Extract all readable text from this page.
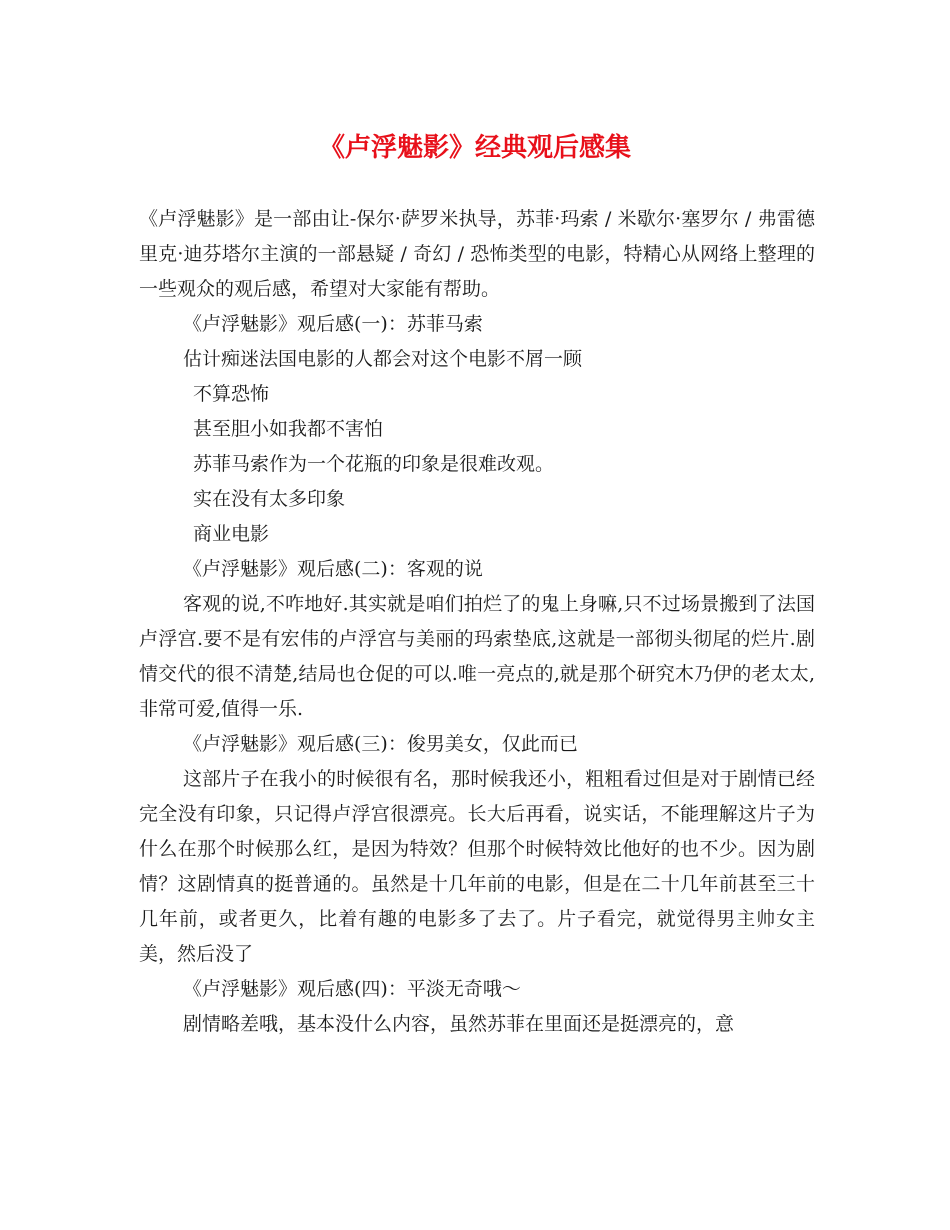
《卢浮魅影》经典观后感集

《卢浮魅影》是一部由让-保尔·萨罗米执导，苏菲·玛索 / 米歇尔·塞罗尔 / 弗雷德里克·迪芬塔尔主演的一部悬疑 / 奇幻 / 恐怖类型的电影，特精心从网络上整理的一些观众的观后感，希望对大家能有帮助。

《卢浮魅影》观后感(一)：苏菲马索

估计痴迷法国电影的人都会对这个电影不屑一顾

不算恐怖

甚至胆小如我都不害怕

苏菲马索作为一个花瓶的印象是很难改观。

实在没有太多印象

商业电影

《卢浮魅影》观后感(二)：客观的说

客观的说,不咋地好.其实就是咱们拍烂了的鬼上身嘛,只不过场景搬到了法国卢浮宫.要不是有宏伟的卢浮宫与美丽的玛索垫底,这就是一部彻头彻尾的烂片.剧情交代的很不清楚,结局也仓促的可以.唯一亮点的,就是那个研究木乃伊的老太太,非常可爱,值得一乐.

《卢浮魅影》观后感(三)：俊男美女，仅此而已

这部片子在我小的时候很有名，那时候我还小，粗粗看过但是对于剧情已经完全没有印象，只记得卢浮宫很漂亮。长大后再看，说实话，不能理解这片子为什么在那个时候那么红，是因为特效？但那个时候特效比他好的也不少。因为剧情？这剧情真的挺普通的。虽然是十几年前的电影，但是在二十几年前甚至三十几年前，或者更久，比着有趣的电影多了去了。片子看完，就觉得男主帅女主美，然后没了

《卢浮魅影》观后感(四)：平淡无奇哦～

剧情略差哦，基本没什么内容，虽然苏菲在里面还是挺漂亮的，意
